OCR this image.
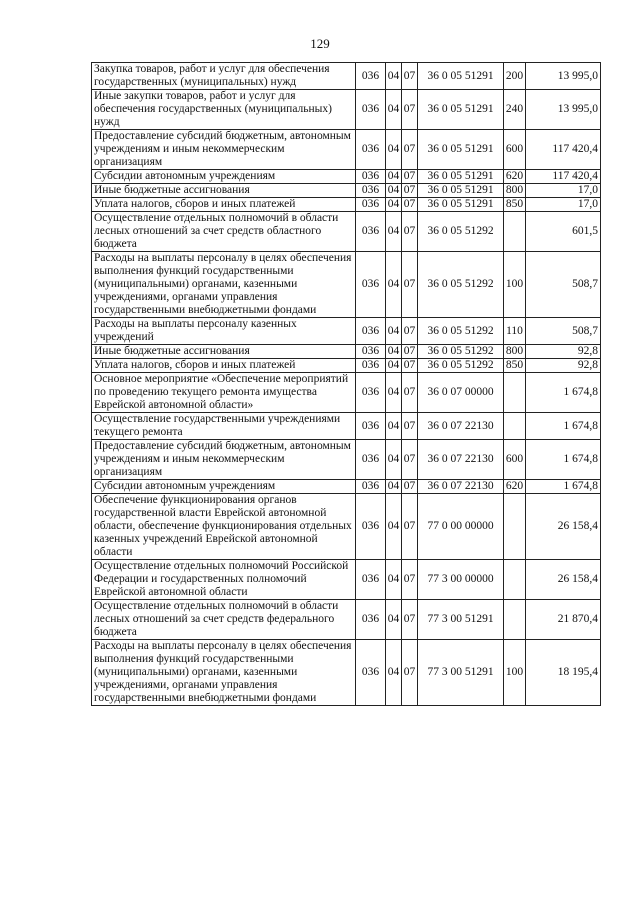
129
Закупка товаров, работ и услуг для обеспечения государственных (муниципальных) нужд	036	04	07	36 0 05 51291	200	13 995,0
Иные закупки товаров, работ и услуг для обеспечения государственных (муниципальных) нужд	036	04	07	36 0 05 51291	240	13 995,0
Предоставление субсидий бюджетным, автономным учреждениям и иным некоммерческим организациям	036	04	07	36 0 05 51291	600	117 420,4
Субсидии автономным учреждениям	036	04	07	36 0 05 51291	620	117 420,4
Иные бюджетные ассигнования	036	04	07	36 0 05 51291	800	17,0
Уплата налогов, сборов и иных платежей	036	04	07	36 0 05 51291	850	17,0
Осуществление отдельных полномочий в области лесных отношений за счет средств областного бюджета	036	04	07	36 0 05 51292		601,5
Расходы на выплаты персоналу в целях обеспечения выполнения функций государственными (муниципальными) органами, казенными учреждениями, органами управления государственными внебюджетными фондами	036	04	07	36 0 05 51292	100	508,7
Расходы на выплаты персоналу казенных учреждений	036	04	07	36 0 05 51292	110	508,7
Иные бюджетные ассигнования	036	04	07	36 0 05 51292	800	92,8
Уплата налогов, сборов и иных платежей	036	04	07	36 0 05 51292	850	92,8
Основное мероприятие «Обеспечение мероприятий по проведению текущего ремонта имущества Еврейской автономной области»	036	04	07	36 0 07 00000		1 674,8
Осуществление государственными учреждениями текущего ремонта	036	04	07	36 0 07 22130		1 674,8
Предоставление субсидий бюджетным, автономным учреждениям и иным некоммерческим организациям	036	04	07	36 0 07 22130	600	1 674,8
Субсидии автономным учреждениям	036	04	07	36 0 07 22130	620	1 674,8
Обеспечение функционирования органов государственной власти Еврейской автономной области, обеспечение функционирования отдельных казенных учреждений Еврейской автономной области	036	04	07	77 0 00 00000		26 158,4
Осуществление отдельных полномочий Российской Федерации и государственных полномочий Еврейской автономной области	036	04	07	77 3 00 00000		26 158,4
Осуществление отдельных полномочий в области лесных отношений за счет средств федерального бюджета	036	04	07	77 3 00 51291		21 870,4
Расходы на выплаты персоналу в целях обеспечения выполнения функций государственными (муниципальными) органами, казенными учреждениями, органами управления государственными внебюджетными фондами	036	04	07	77 3 00 51291	100	18 195,4
